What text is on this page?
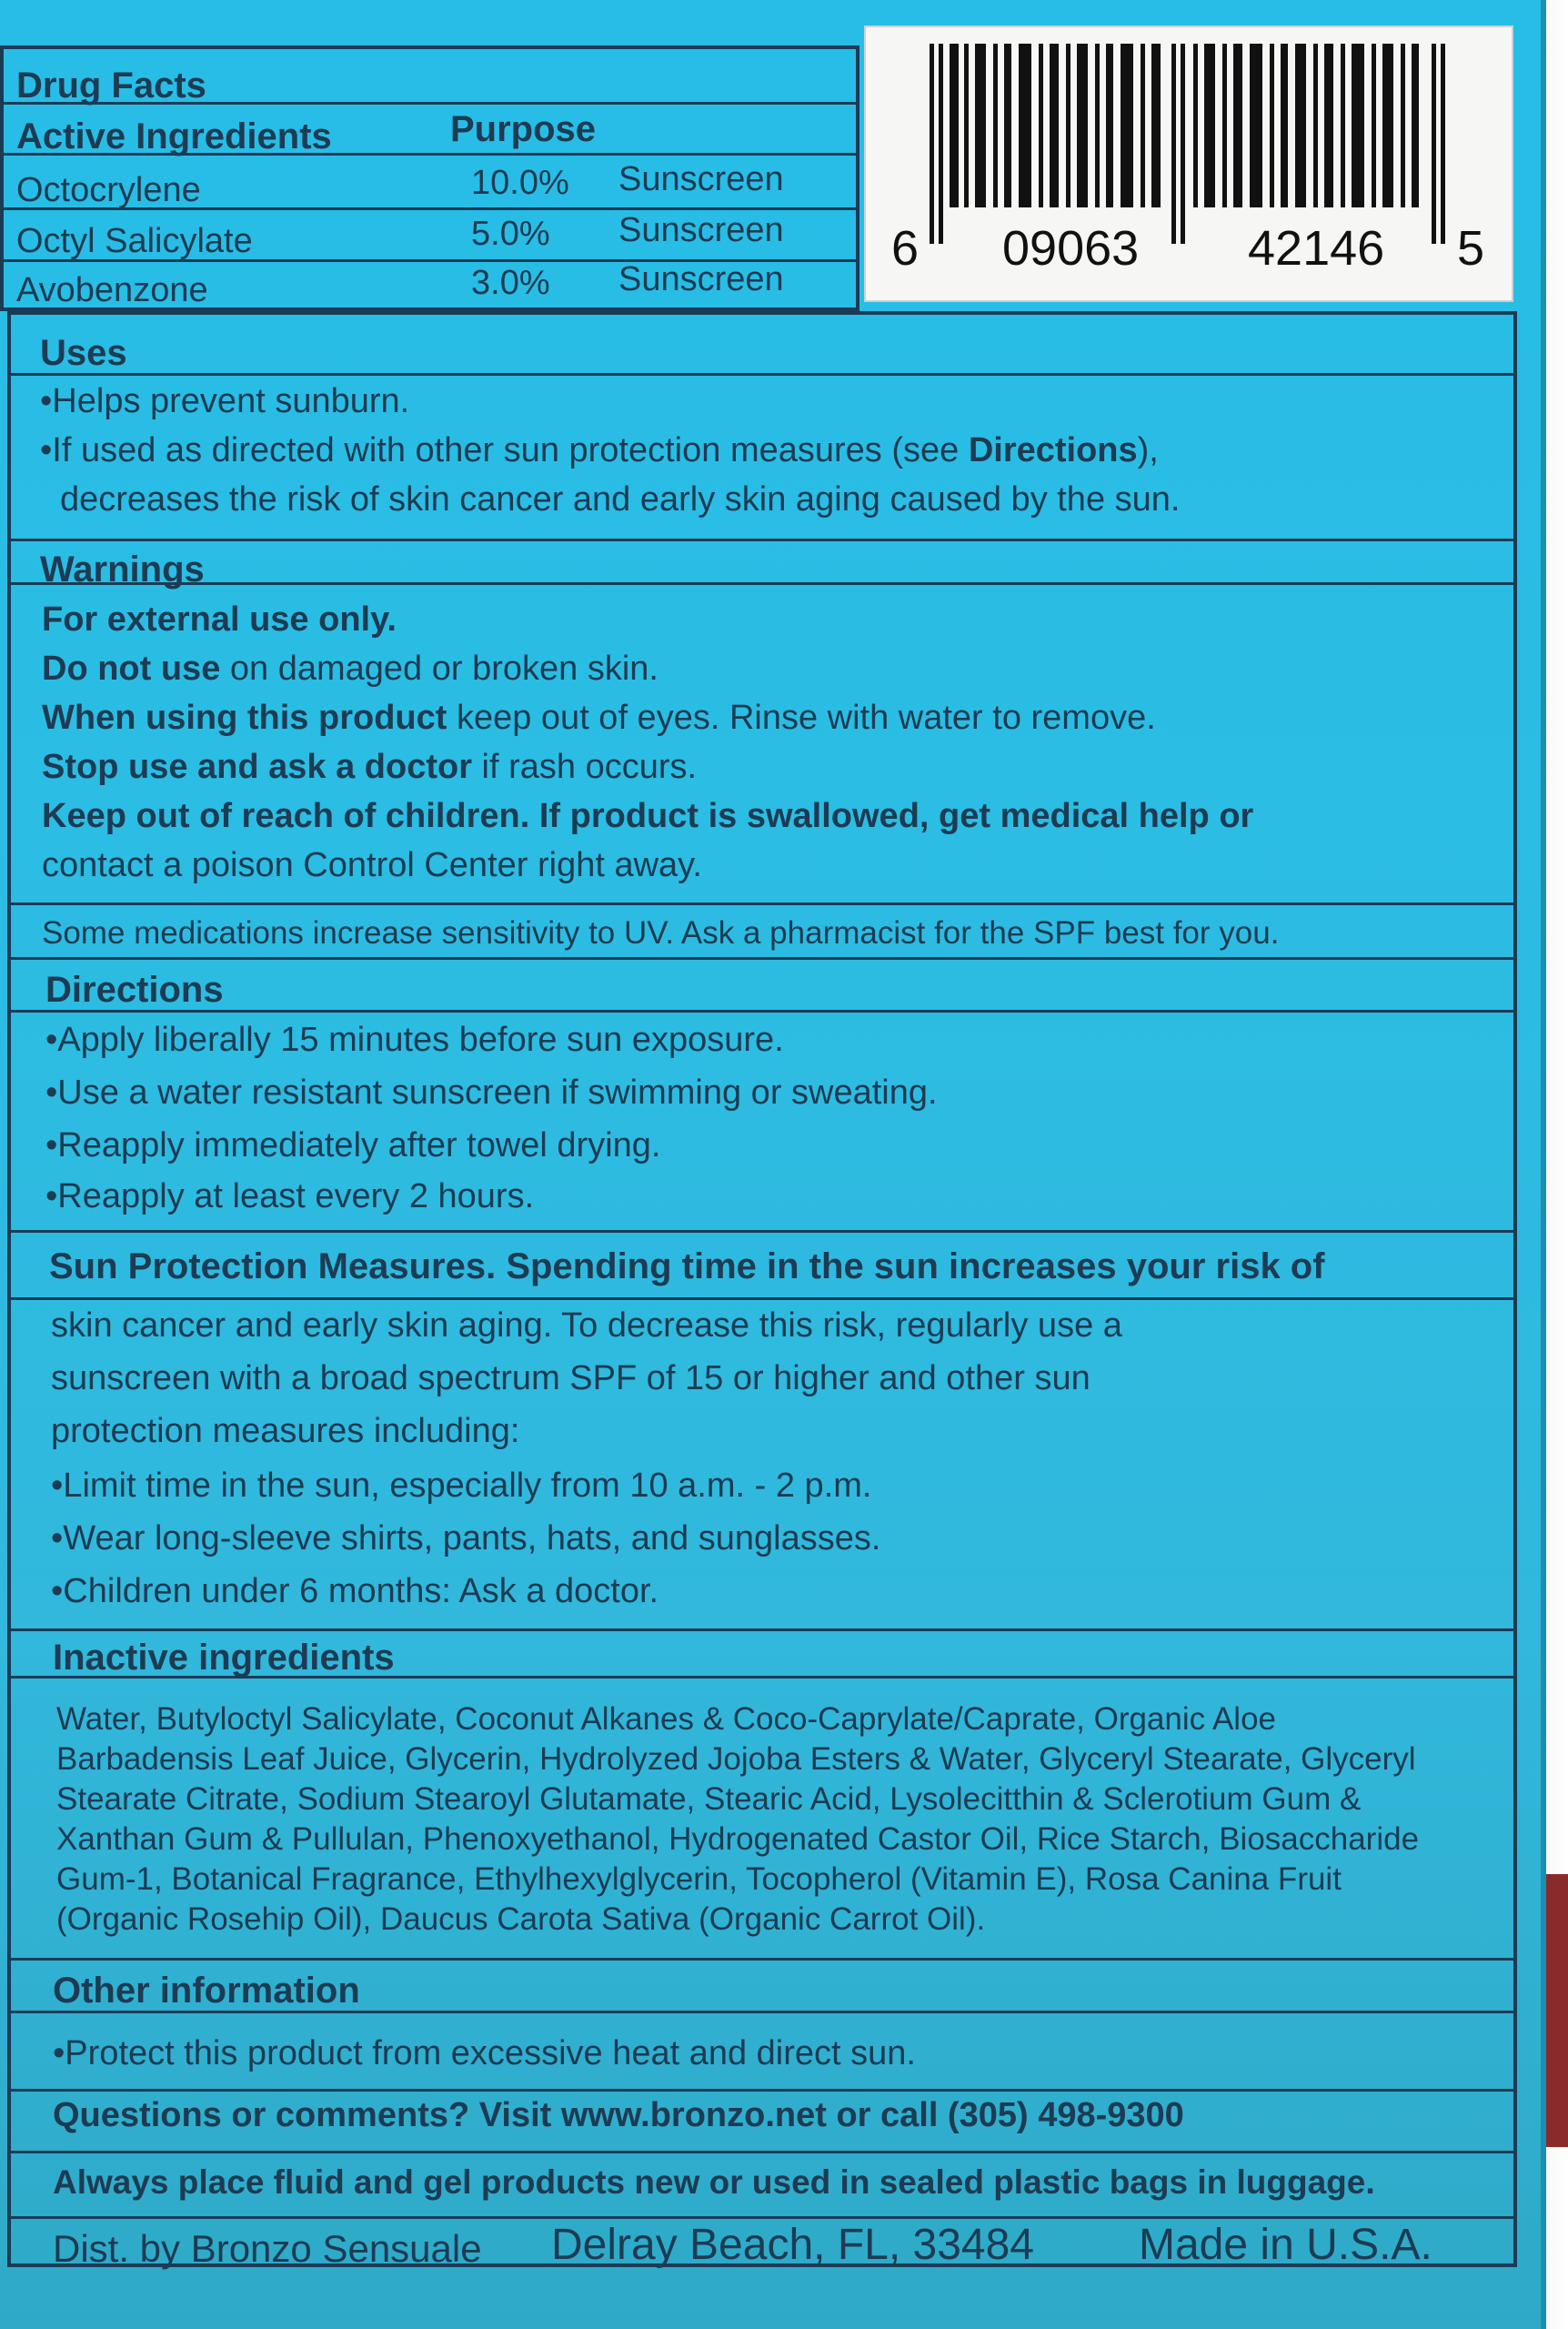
Drug Facts
Active Ingredients	Purpose
Octocrylene	10.0% Sunscreen
Octyl Salicylate	5.0% Sunscreen
Avobenzone	3.0% Sunscreen
6 09063 42146 5
Uses
•Helps prevent sunburn.
•If used as directed with other sun protection measures (see Directions),
decreases the risk of skin cancer and early skin aging caused by the sun.
Warnings
For external use only.
Do not use on damaged or broken skin.
When using this product keep out of eyes. Rinse with water to remove.
Stop use and ask a doctor if rash occurs.
Keep out of reach of children. If product is swallowed, get medical help or
contact a poison Control Center right away.
Some medications increase sensitivity to UV. Ask a pharmacist for the SPF best for you.
Directions
•Apply liberally 15 minutes before sun exposure.
•Use a water resistant sunscreen if swimming or sweating.
•Reapply immediately after towel drying.
•Reapply at least every 2 hours.
Sun Protection Measures. Spending time in the sun increases your risk of
skin cancer and early skin aging. To decrease this risk, regularly use a
sunscreen with a broad spectrum SPF of 15 or higher and other sun
protection measures including:
•Limit time in the sun, especially from 10 a.m. - 2 p.m.
•Wear long-sleeve shirts, pants, hats, and sunglasses.
•Children under 6 months: Ask a doctor.
Inactive ingredients
Water, Butyloctyl Salicylate, Coconut Alkanes & Coco-Caprylate/Caprate, Organic Aloe
Barbadensis Leaf Juice, Glycerin, Hydrolyzed Jojoba Esters & Water, Glyceryl Stearate, Glyceryl
Stearate Citrate, Sodium Stearoyl Glutamate, Stearic Acid, Lysolecitthin & Sclerotium Gum &
Xanthan Gum & Pullulan, Phenoxyethanol, Hydrogenated Castor Oil, Rice Starch, Biosaccharide
Gum-1, Botanical Fragrance, Ethylhexylglycerin, Tocopherol (Vitamin E), Rosa Canina Fruit
(Organic Rosehip Oil), Daucus Carota Sativa (Organic Carrot Oil).
Other information
•Protect this product from excessive heat and direct sun.
Questions or comments? Visit www.bronzo.net or call (305) 498-9300
Always place fluid and gel products new or used in sealed plastic bags in luggage.
Dist. by Bronzo Sensuale Delray Beach, FL, 33484 Made in U.S.A.
